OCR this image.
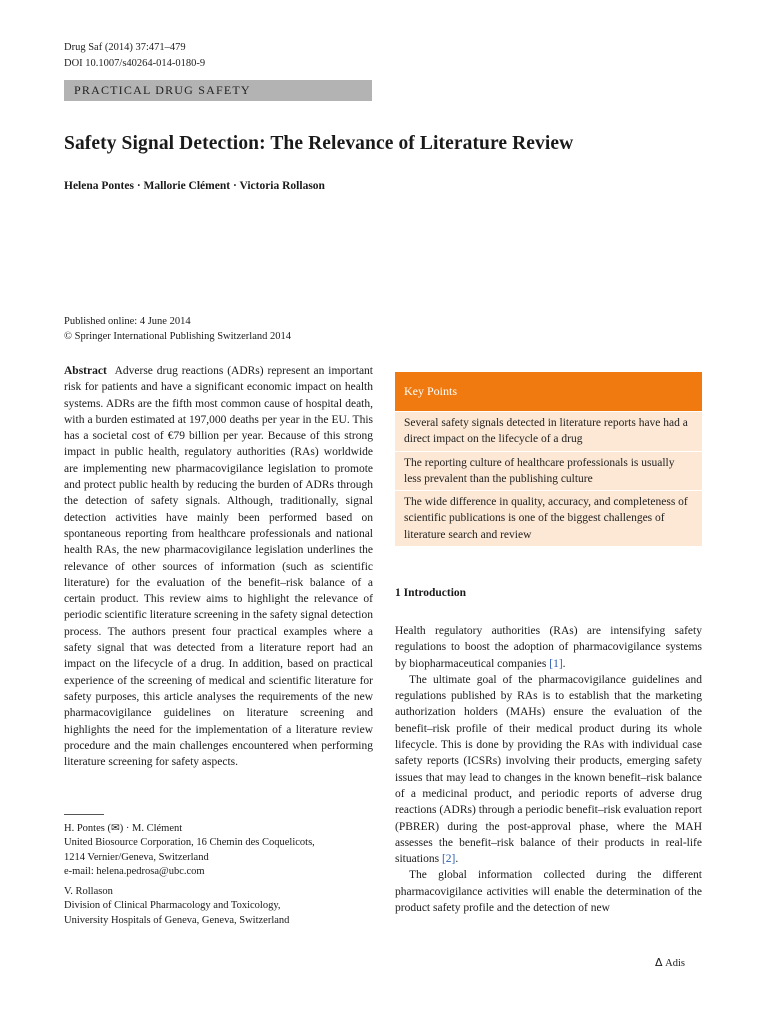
Drug Saf (2014) 37:471–479
DOI 10.1007/s40264-014-0180-9
PRACTICAL DRUG SAFETY
Safety Signal Detection: The Relevance of Literature Review
Helena Pontes · Mallorie Clément · Victoria Rollason
Published online: 4 June 2014
© Springer International Publishing Switzerland 2014
Abstract Adverse drug reactions (ADRs) represent an important risk for patients and have a significant economic impact on health systems. ADRs are the fifth most common cause of hospital death, with a burden estimated at 197,000 deaths per year in the EU. This has a societal cost of €79 billion per year. Because of this strong impact in public health, regulatory authorities (RAs) worldwide are implementing new pharmacovigilance legislation to promote and protect public health by reducing the burden of ADRs through the detection of safety signals. Although, traditionally, signal detection activities have mainly been performed based on spontaneous reporting from healthcare professionals and national health RAs, the new pharmacovigilance legislation underlines the relevance of other sources of information (such as scientific literature) for the evaluation of the benefit–risk balance of a certain product. This review aims to highlight the relevance of periodic scientific literature screening in the safety signal detection process. The authors present four practical examples where a safety signal that was detected from a literature report had an impact on the lifecycle of a drug. In addition, based on practical experience of the screening of medical and scientific literature for safety purposes, this article analyses the requirements of the new pharmacovigilance guidelines on literature screening and highlights the need for the implementation of a literature review procedure and the main challenges encountered when performing literature screening for safety aspects.
Key Points
Several safety signals detected in literature reports have had a direct impact on the lifecycle of a drug
The reporting culture of healthcare professionals is usually less prevalent than the publishing culture
The wide difference in quality, accuracy, and completeness of scientific publications is one of the biggest challenges of literature search and review
1 Introduction

Health regulatory authorities (RAs) are intensifying safety regulations to boost the adoption of pharmacovigilance systems by biopharmaceutical companies [1].

The ultimate goal of the pharmacovigilance guidelines and regulations published by RAs is to establish that the marketing authorization holders (MAHs) ensure the evaluation of the benefit–risk profile of their medical product during its whole lifecycle. This is done by providing the RAs with individual case safety reports (ICSRs) involving their products, emerging safety issues that may lead to changes in the known benefit–risk balance of a medicinal product, and periodic reports of adverse drug reactions (ADRs) through a periodic benefit–risk evaluation report (PBRER) during the post-approval phase, where the MAH assesses the benefit–risk balance of their products in real-life situations [2].

The global information collected during the different pharmacovigilance activities will enable the determination of the product safety profile and the detection of new

H. Pontes (✉) · M. Clément
United Biosource Corporation, 16 Chemin des Coquelicots,
1214 Vernier/Geneva, Switzerland
e-mail: helena.pedrosa@ubc.com
V. Rollason
Division of Clinical Pharmacology and Toxicology,
University Hospitals of Geneva, Geneva, Switzerland
Δ Adis
